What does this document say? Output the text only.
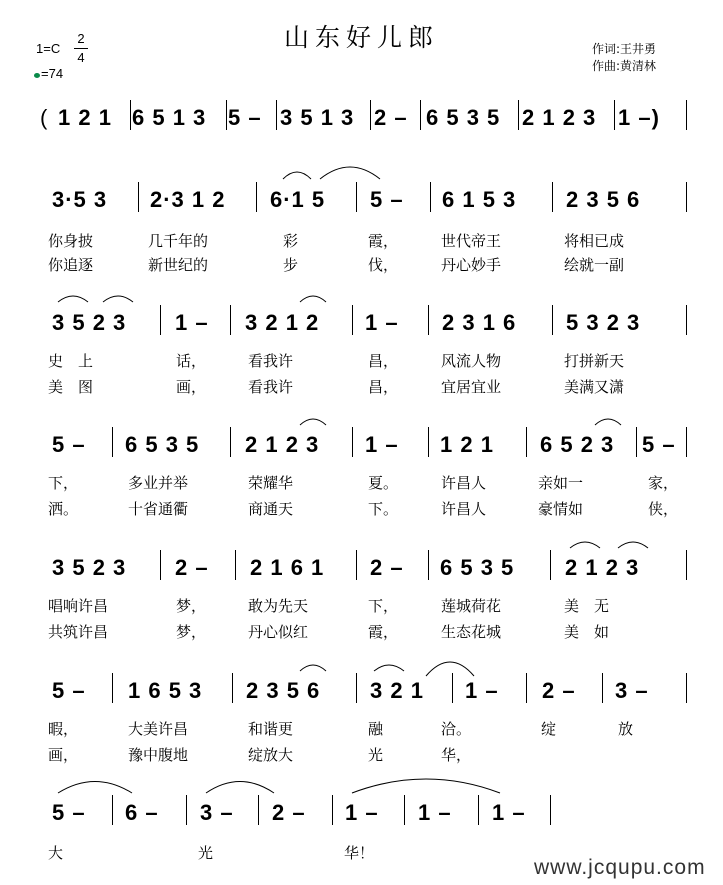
山东好儿郎
1=C
2
4
=74
作词:王井勇
作曲:黄清林
( 1 2 1 6 5 1 3 5 – 3 5 1 3 2 – 6 5 3 5 2 1 2 3 1 –)
3·5 3 2·3 1 2 6·1 5 5 – 6 1 5 3 2 3 5 6
你身披	几千年的	彩	霞，	世代帝王	将相已成
你追逐	新世纪的	步	伐，	丹心妙手	绘就一副
3 5 2 3 1 – 3 2 1 2 1 – 2 3 1 6 5 3 2 3
史　上	话，	看我许	昌，	风流人物	打拼新天
美　图	画，	看我许	昌，	宜居宜业	美满又潇
5 – 6 5 3 5 2 1 2 3 1 – 1 2 1 6 5 2 3 5 –
下，	多业并举	荣耀华	夏。	许昌人	亲如一	家，
洒。	十省通衢	商通天	下。	许昌人	豪情如	侠，
3 5 2 3 2 – 2 1 6 1 2 – 6 5 3 5 2 1 2 3
唱响许昌	梦，	敢为先天	下，	莲城荷花	美　无
共筑许昌	梦，	丹心似红	霞，	生态花城	美　如
5 – 1 6 5 3 2 3 5 6 3 2 1 1 – 2 – 3 –
暇，	大美许昌	和谐更	融	洽。	绽	放
画，	豫中腹地	绽放大	光	华，
5 – 6 – 3 – 2 – 1 – 1 – 1 –
大	光	华！
www.jcqupu.com
